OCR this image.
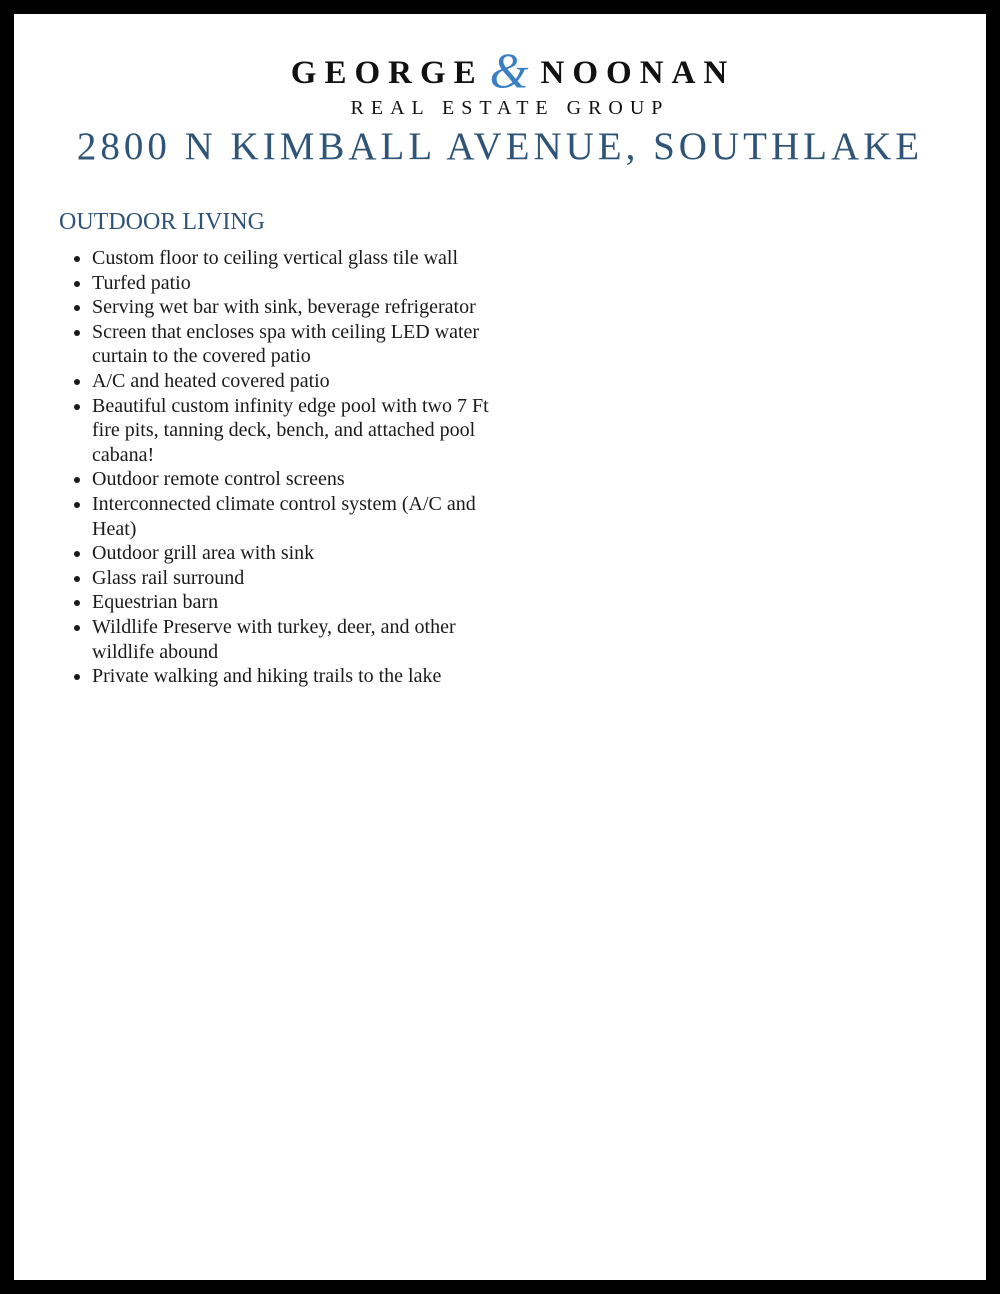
GEORGE & NOONAN
REAL ESTATE GROUP
2800 N KIMBALL AVENUE, SOUTHLAKE
OUTDOOR LIVING
• Custom floor to ceiling vertical glass tile wall
• Turfed patio
• Serving wet bar with sink, beverage refrigerator
• Screen that encloses spa with ceiling LED water curtain to the covered patio
• A/C and heated covered patio
• Beautiful custom infinity edge pool with two 7 Ft fire pits, tanning deck, bench, and attached pool cabana!
• Outdoor remote control screens
• Interconnected climate control system (A/C and Heat)
• Outdoor grill area with sink
• Glass rail surround
• Equestrian barn
• Wildlife Preserve with turkey, deer, and other wildlife abound
• Private walking and hiking trails to the lake
